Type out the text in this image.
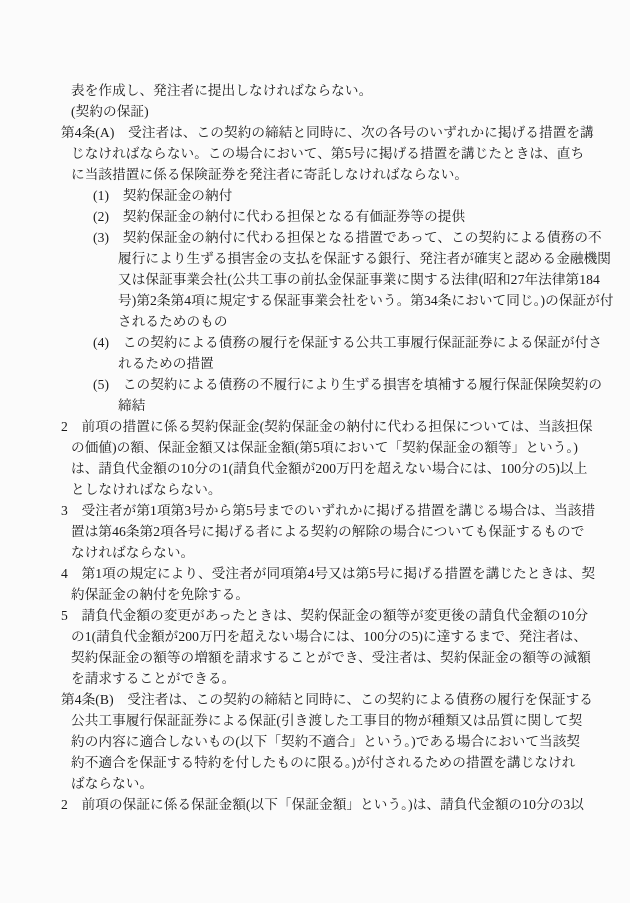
表を作成し、発注者に提出しなければならない。
(契約の保証)
第4条(A)　受注者は、この契約の締結と同時に、次の各号のいずれかに掲げる措置を講
じなければならない。この場合において、第5号に掲げる措置を講じたときは、直ち
に当該措置に係る保険証券を発注者に寄託しなければならない。
(1)　契約保証金の納付
(2)　契約保証金の納付に代わる担保となる有価証券等の提供
(3)　契約保証金の納付に代わる担保となる措置であって、この契約による債務の不
履行により生ずる損害金の支払を保証する銀行、発注者が確実と認める金融機関
又は保証事業会社(公共工事の前払金保証事業に関する法律(昭和27年法律第184
号)第2条第4項に規定する保証事業会社をいう。第34条において同じ。)の保証が付
されるためのもの
(4)　この契約による債務の履行を保証する公共工事履行保証証券による保証が付さ
れるための措置
(5)　この契約による債務の不履行により生ずる損害を填補する履行保証保険契約の
締結
2　前項の措置に係る契約保証金(契約保証金の納付に代わる担保については、当該担保
の価値)の額、保証金額又は保証金額(第5項において「契約保証金の額等」という。)
は、請負代金額の10分の1(請負代金額が200万円を超えない場合には、100分の5)以上
としなければならない。
3　受注者が第1項第3号から第5号までのいずれかに掲げる措置を講じる場合は、当該措
置は第46条第2項各号に掲げる者による契約の解除の場合についても保証するもので
なければならない。
4　第1項の規定により、受注者が同項第4号又は第5号に掲げる措置を講じたときは、契
約保証金の納付を免除する。
5　請負代金額の変更があったときは、契約保証金の額等が変更後の請負代金額の10分
の1(請負代金額が200万円を超えない場合には、100分の5)に達するまで、発注者は、
契約保証金の額等の増額を請求することができ、受注者は、契約保証金の額等の減額
を請求することができる。
第4条(B)　受注者は、この契約の締結と同時に、この契約による債務の履行を保証する
公共工事履行保証証券による保証(引き渡した工事目的物が種類又は品質に関して契
約の内容に適合しないもの(以下「契約不適合」という。)である場合において当該契
約不適合を保証する特約を付したものに限る。)が付されるための措置を講じなけれ
ばならない。
2　前項の保証に係る保証金額(以下「保証金額」という。)は、請負代金額の10分の3以
